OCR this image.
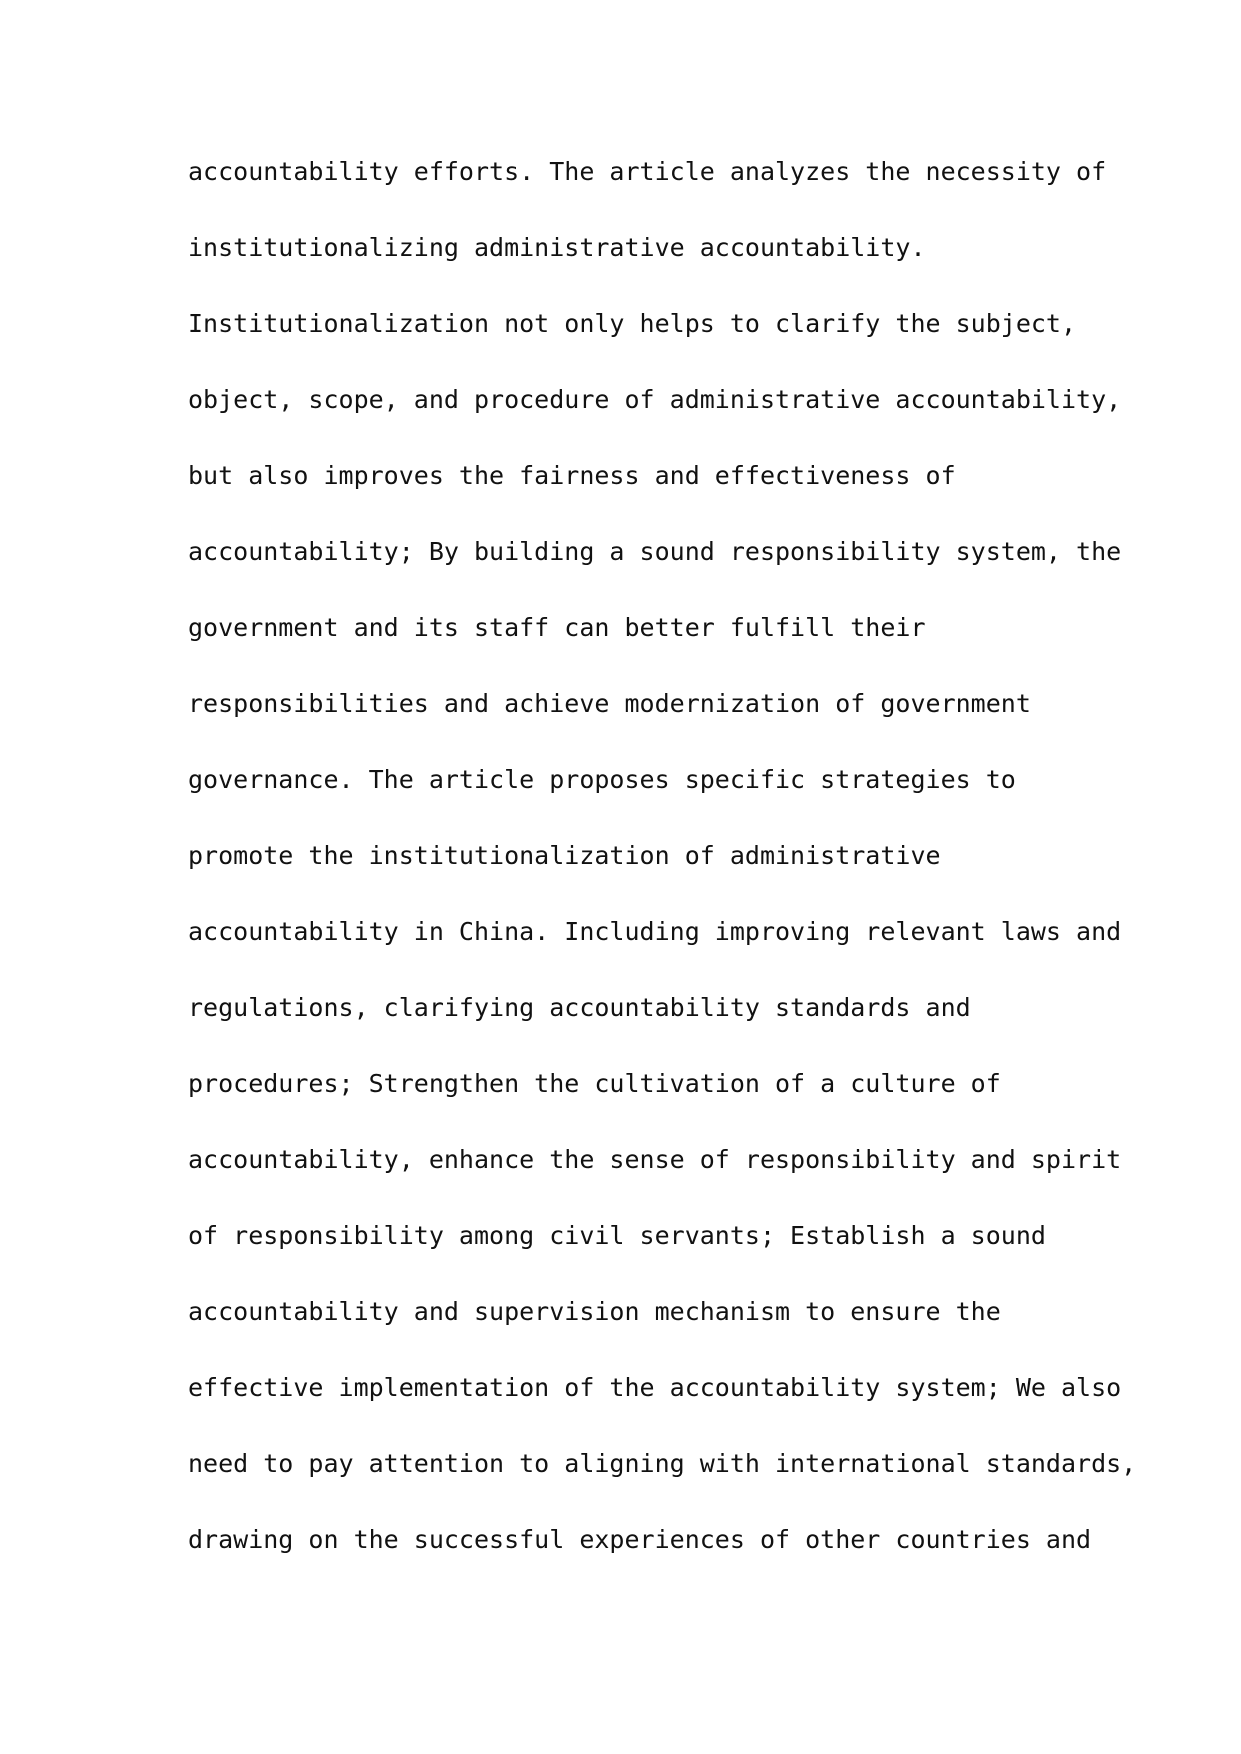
accountability efforts. The article analyzes the necessity of
institutionalizing administrative accountability.
Institutionalization not only helps to clarify the subject,
object, scope, and procedure of administrative accountability,
but also improves the fairness and effectiveness of
accountability; By building a sound responsibility system, the
government and its staff can better fulfill their
responsibilities and achieve modernization of government
governance. The article proposes specific strategies to
promote the institutionalization of administrative
accountability in China. Including improving relevant laws and
regulations, clarifying accountability standards and
procedures; Strengthen the cultivation of a culture of
accountability, enhance the sense of responsibility and spirit
of responsibility among civil servants; Establish a sound
accountability and supervision mechanism to ensure the
effective implementation of the accountability system; We also
need to pay attention to aligning with international standards,
drawing on the successful experiences of other countries and
